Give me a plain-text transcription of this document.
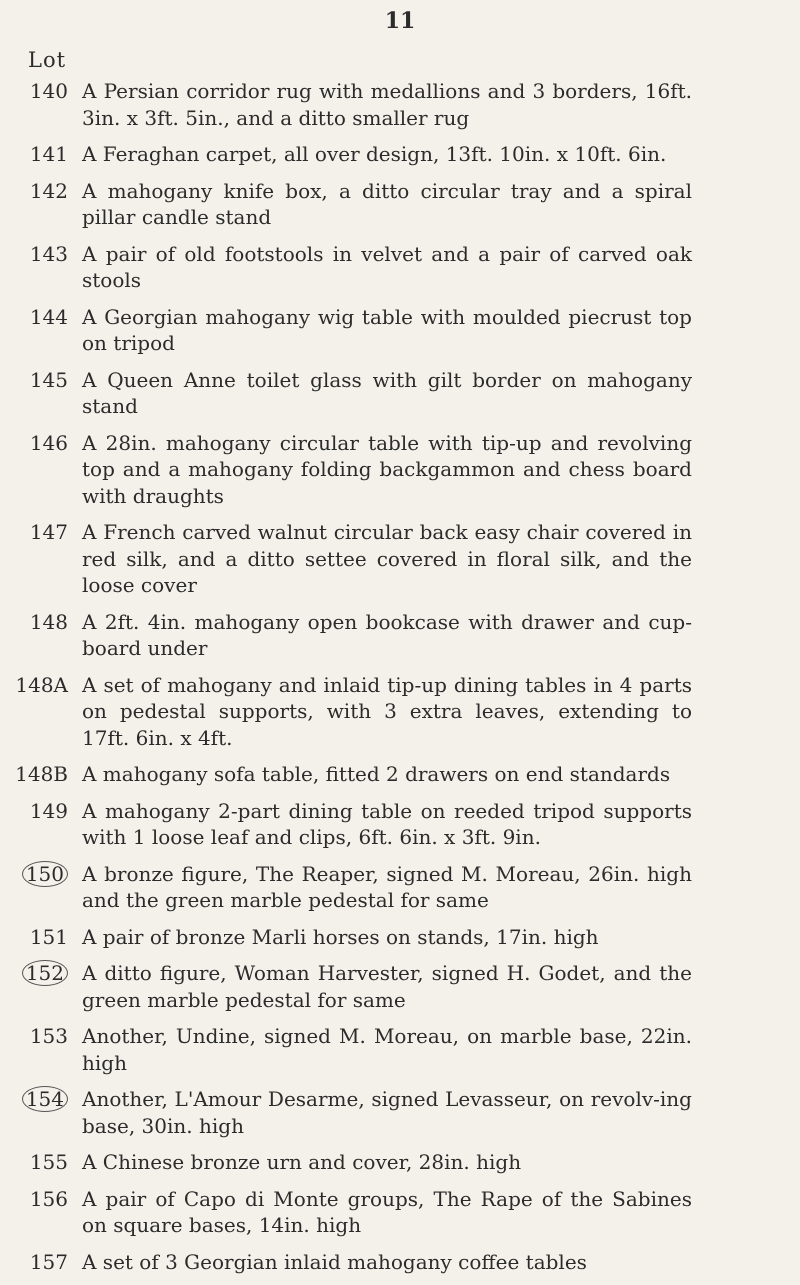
11
Lot
140 A Persian corridor rug with medallions and 3 borders, 16ft. 3in. x 3ft. 5in., and a ditto smaller rug

141 A Feraghan carpet, all over design, 13ft. 10in. x 10ft. 6in.

142 A mahogany knife box, a ditto circular tray and a spiral pillar candle stand

143 A pair of old footstools in velvet and a pair of carved oak stools

144 A Georgian mahogany wig table with moulded piecrust top on tripod

145 A Queen Anne toilet glass with gilt border on mahogany stand

146 A 28in. mahogany circular table with tip-up and revolving top and a mahogany folding backgammon and chess board with draughts

147 A French carved walnut circular back easy chair covered in red silk, and a ditto settee covered in floral silk, and the loose cover

148 A 2ft. 4in. mahogany open bookcase with drawer and cup-board under

148A A set of mahogany and inlaid tip-up dining tables in 4 parts on pedestal supports, with 3 extra leaves, extending to 17ft. 6in. x 4ft.

148B A mahogany sofa table, fitted 2 drawers on end standards

149 A mahogany 2-part dining table on reeded tripod supports with 1 loose leaf and clips, 6ft. 6in. x 3ft. 9in.

150 A bronze figure, The Reaper, signed M. Moreau, 26in. high and the green marble pedestal for same

151 A pair of bronze Marli horses on stands, 17in. high

152 A ditto figure, Woman Harvester, signed H. Godet, and the green marble pedestal for same

153 Another, Undine, signed M. Moreau, on marble base, 22in. high

154 Another, L'Amour Desarme, signed Levasseur, on revolv-ing base, 30in. high

155 A Chinese bronze urn and cover, 28in. high

156 A pair of Capo di Monte groups, The Rape of the Sabines on square bases, 14in. high

157 A set of 3 Georgian inlaid mahogany coffee tables
